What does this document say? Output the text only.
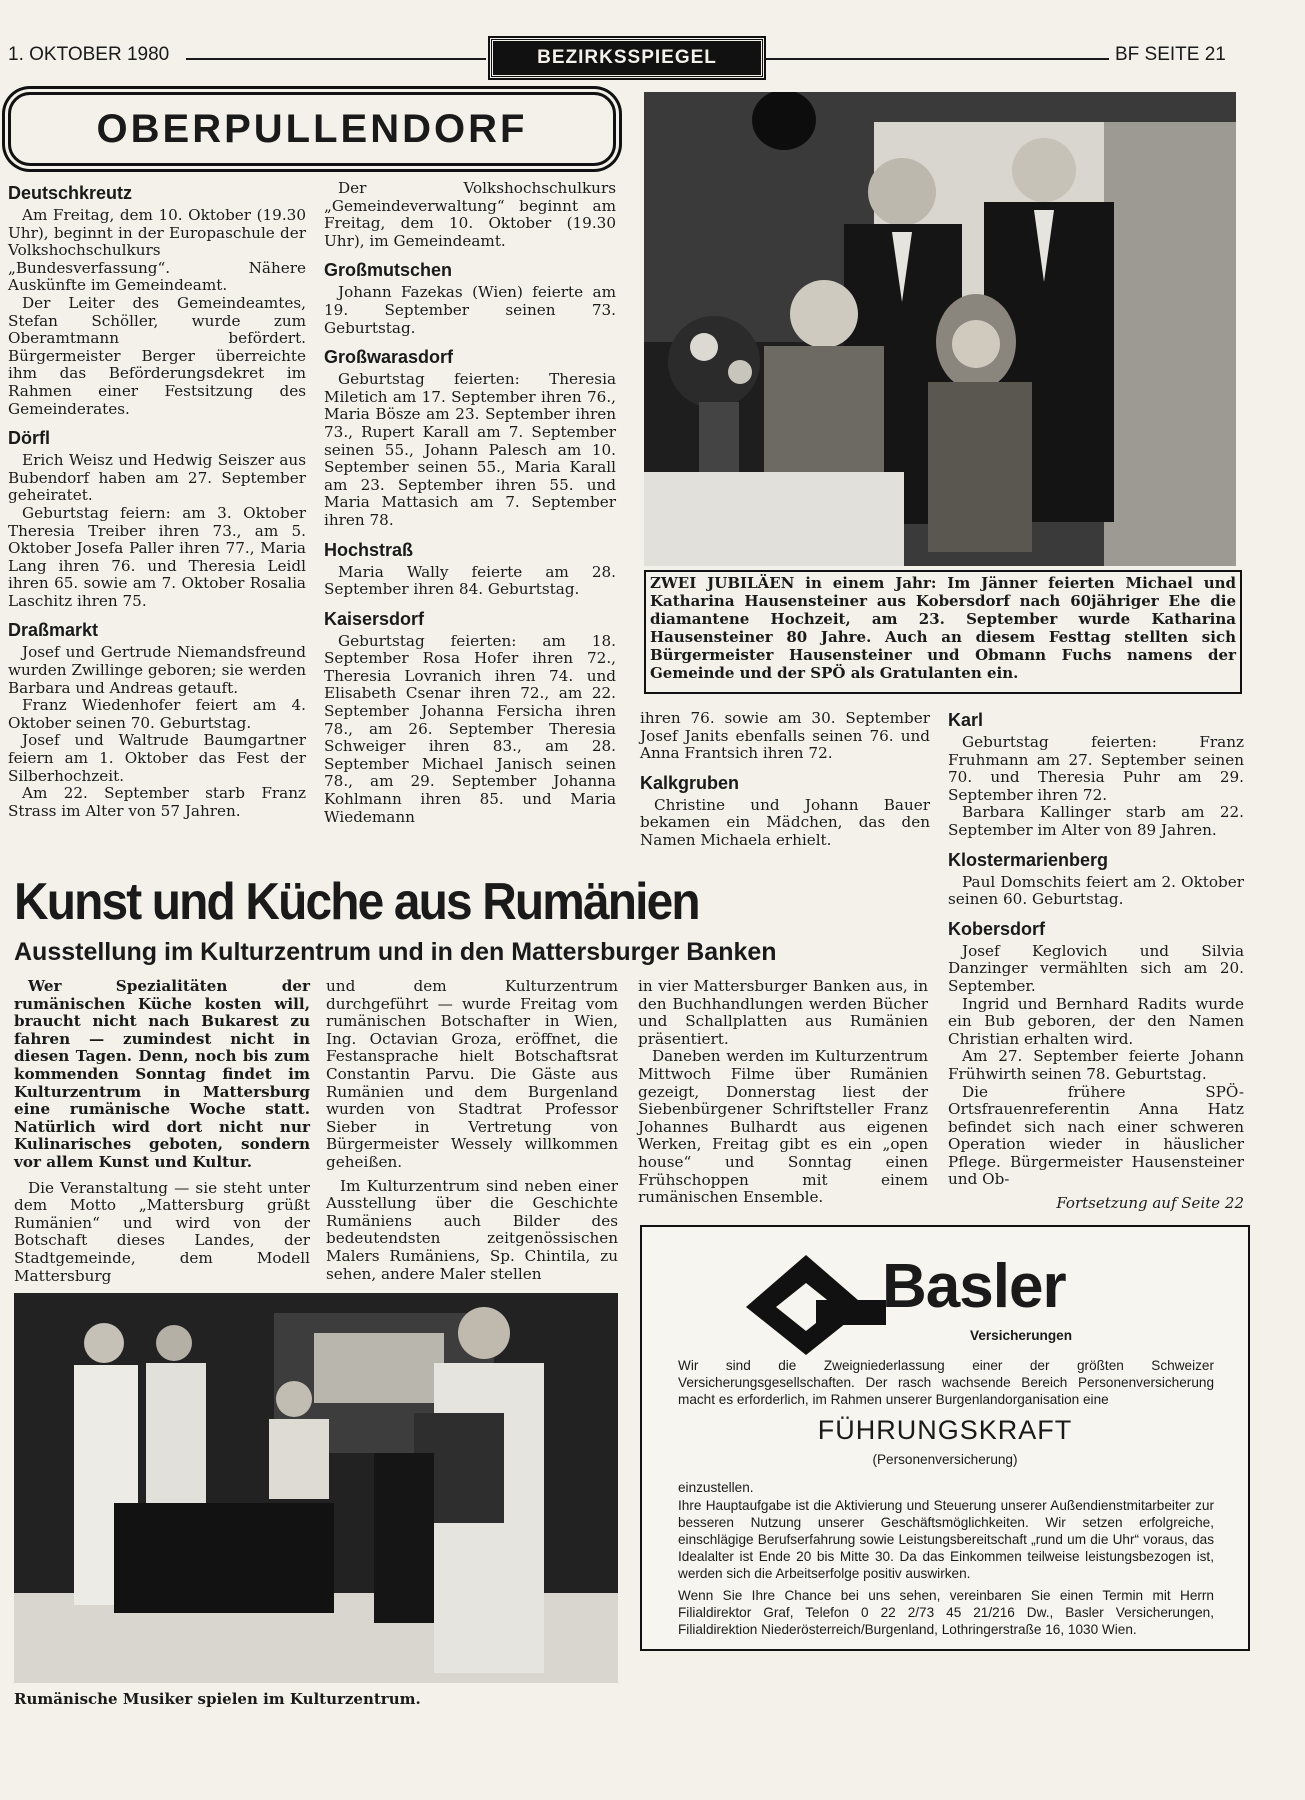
1. OKTOBER 1980	BEZIRKSSPIEGEL	BF SEITE 21
OBERPULLENDORF
Deutschkreutz

Am Freitag, dem 10. Oktober (19.30 Uhr), beginnt in der Europaschule der Volkshochschulkurs „Bundesverfassung“. Nähere Auskünfte im Gemeindeamt.

Der Leiter des Gemeindeamtes, Stefan Schöller, wurde zum Oberamtmann befördert. Bürgermeister Berger überreichte ihm das Beförderungsdekret im Rahmen einer Festsitzung des Gemeinderates.

Dörfl

Erich Weisz und Hedwig Seiszer aus Bubendorf haben am 27. September geheiratet.

Geburtstag feiern: am 3. Oktober Theresia Treiber ihren 73., am 5. Oktober Josefa Paller ihren 77., Maria Lang ihren 76. und Theresia Leidl ihren 65. sowie am 7. Oktober Rosalia Laschitz ihren 75.

Draßmarkt

Josef und Gertrude Niemandsfreund wurden Zwillinge geboren; sie werden Barbara und Andreas getauft.

Franz Wiedenhofer feiert am 4. Oktober seinen 70. Geburtstag.

Josef und Waltrude Baumgartner feiern am 1. Oktober das Fest der Silberhochzeit.

Am 22. September starb Franz Strass im Alter von 57 Jahren.

Der Volkshochschulkurs „Gemeindeverwaltung“ beginnt am Freitag, dem 10. Oktober (19.30 Uhr), im Gemeindeamt.

Großmutschen

Johann Fazekas (Wien) feierte am 19. September seinen 73. Geburtstag.

Großwarasdorf

Geburtstag feierten: Theresia Miletich am 17. September ihren 76., Maria Bösze am 23. September ihren 73., Rupert Karall am 7. September seinen 55., Johann Palesch am 10. September seinen 55., Maria Karall am 23. September ihren 55. und Maria Mattasich am 7. September ihren 78.

Hochstraß

Maria Wally feierte am 28. September ihren 84. Geburtstag.

Kaisersdorf

Geburtstag feierten: am 18. September Rosa Hofer ihren 72., Theresia Lovranich ihren 74. und Elisabeth Csenar ihren 72., am 22. September Johanna Fersicha ihren 78., am 26. September Theresia Schweiger ihren 83., am 28. September Michael Janisch seinen 78., am 29. September Johanna Kohlmann ihren 85. und Maria Wiedemann

ZWEI JUBILÄEN in einem Jahr: Im Jänner feierten Michael und Katharina Hausensteiner aus Kobersdorf nach 60jähriger Ehe die diamantene Hochzeit, am 23. September wurde Katharina Hausensteiner 80 Jahre. Auch an diesem Festtag stellten sich Bürgermeister Hausensteiner und Obmann Fuchs namens der Gemeinde und der SPÖ als Gratulanten ein.

ihren 76. sowie am 30. September Josef Janits ebenfalls seinen 76. und Anna Frantsich ihren 72.

Kalkgruben

Christine und Johann Bauer bekamen ein Mädchen, das den Namen Michaela erhielt.

Karl

Geburtstag feierten: Franz Fruhmann am 27. September seinen 70. und Theresia Puhr am 29. September ihren 72.

Barbara Kallinger starb am 22. September im Alter von 89 Jahren.

Klostermarienberg

Paul Domschits feiert am 2. Oktober seinen 60. Geburtstag.

Kobersdorf

Josef Keglovich und Silvia Danzinger vermählten sich am 20. September.

Ingrid und Bernhard Radits wurde ein Bub geboren, der den Namen Christian erhalten wird.

Am 27. September feierte Johann Frühwirth seinen 78. Geburtstag.

Die frühere SPÖ-Ortsfrauenreferentin Anna Hatz befindet sich nach einer schweren Operation wieder in häuslicher Pflege. Bürgermeister Hausensteiner und Ob-

Fortsetzung auf Seite 22

Kunst und Küche aus Rumänien
Ausstellung im Kulturzentrum und in den Mattersburger Banken

Wer Spezialitäten der rumänischen Küche kosten will, braucht nicht nach Bukarest zu fahren — zumindest nicht in diesen Tagen. Denn, noch bis zum kommenden Sonntag findet im Kulturzentrum in Mattersburg eine rumänische Woche statt. Natürlich wird dort nicht nur Kulinarisches geboten, sondern vor allem Kunst und Kultur.

Die Veranstaltung — sie steht unter dem Motto „Mattersburg grüßt Rumänien“ und wird von der Botschaft dieses Landes, der Stadtgemeinde, dem Modell Mattersburg

und dem Kulturzentrum durchgeführt — wurde Freitag vom rumänischen Botschafter in Wien, Ing. Octavian Groza, eröffnet, die Festansprache hielt Botschaftsrat Constantin Parvu. Die Gäste aus Rumänien und dem Burgenland wurden von Stadtrat Professor Sieber in Vertretung von Bürgermeister Wessely willkommen geheißen.

Im Kulturzentrum sind neben einer Ausstellung über die Geschichte Rumäniens auch Bilder des bedeutendsten zeitgenössischen Malers Rumäniens, Sp. Chintila, zu sehen, andere Maler stellen

in vier Mattersburger Banken aus, in den Buchhandlungen werden Bücher und Schallplatten aus Rumänien präsentiert.

Daneben werden im Kulturzentrum Mittwoch Filme über Rumänien gezeigt, Donnerstag liest der Siebenbürgener Schriftsteller Franz Johannes Bulhardt aus eigenen Werken, Freitag gibt es ein „open house“ und Sonntag einen Frühschoppen mit einem rumänischen Ensemble.

Rumänische Musiker spielen im Kulturzentrum.
Basler
Versicherungen
Wir sind die Zweigniederlassung einer der größten Schweizer Versicherungsgesellschaften. Der rasch wachsende Bereich Personenversicherung macht es erforderlich, im Rahmen unserer Burgenlandorganisation eine
FÜHRUNGSKRAFT
(Personenversicherung)
einzustellen.
Ihre Hauptaufgabe ist die Aktivierung und Steuerung unserer Außendienstmitarbeiter zur besseren Nutzung unserer Geschäftsmöglichkeiten. Wir setzen erfolgreiche, einschlägige Berufserfahrung sowie Leistungsbereitschaft „rund um die Uhr“ voraus, das Idealalter ist Ende 20 bis Mitte 30. Da das Einkommen teilweise leistungsbezogen ist, werden sich die Arbeitserfolge positiv auswirken.
Wenn Sie Ihre Chance bei uns sehen, vereinbaren Sie einen Termin mit Herrn Filialdirektor Graf, Telefon 0 22 2/73 45 21/216 Dw., Basler Versicherungen, Filialdirektion Niederösterreich/Burgenland, Lothringerstraße 16, 1030 Wien.
